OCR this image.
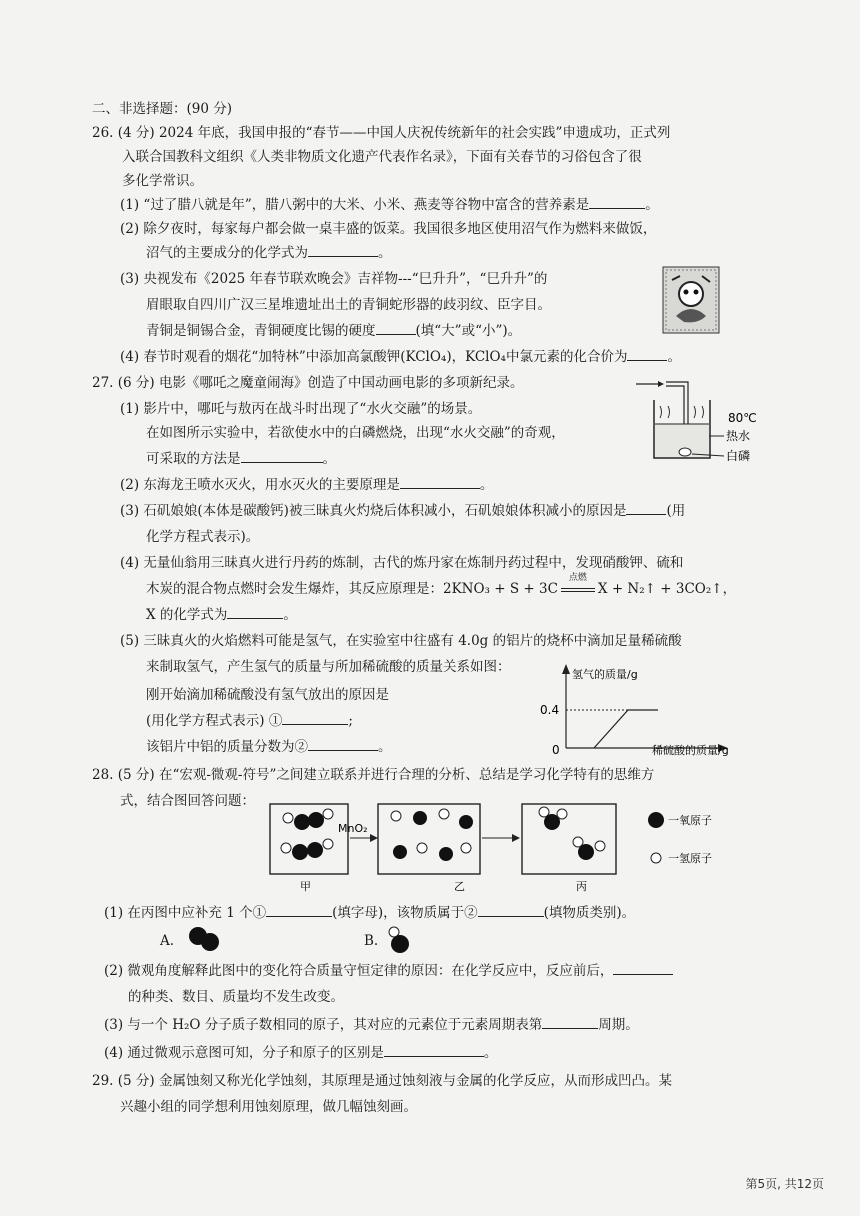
二、非选择题：(90 分)
26. (4 分) 2024 年底，我国申报的“春节——中国人庆祝传统新年的社会实践”申遗成功，正式列
入联合国教科文组织《人类非物质文化遗产代表作名录》，下面有关春节的习俗包含了很
多化学常识。
(1) “过了腊八就是年”，腊八粥中的大米、小米、燕麦等谷物中富含的营养素是	。
(2) 除夕夜时，每家每户都会做一桌丰盛的饭菜。我国很多地区使用沼气作为燃料来做饭，
沼气的主要成分的化学式为	。
(3) 央视发布《2025 年春节联欢晚会》吉祥物---“巳升升”，“巳升升”的
眉眼取自四川广汉三星堆遗址出土的青铜蛇形器的歧羽纹、臣字目。
青铜是铜锡合金，青铜硬度比锡的硬度	(填“大”或“小”)。
(4) 春节时观看的烟花“加特林”中添加高氯酸钾(KClO₄)，KClO₄中氯元素的化合价为	。
27. (6 分) 电影《哪吒之魔童闹海》创造了中国动画电影的多项新纪录。
(1) 影片中，哪吒与敖丙在战斗时出现了“水火交融”的场景。
在如图所示实验中，若欲使水中的白磷燃烧，出现“水火交融”的奇观，
可采取的方法是	。
80℃
热水
白磷
(2) 东海龙王喷水灭火，用水灭火的主要原理是	。
(3) 石矶娘娘(本体是碳酸钙)被三昧真火灼烧后体积减小，石矶娘娘体积减小的原因是	(用
化学方程式表示)。
(4) 无量仙翁用三昧真火进行丹药的炼制，古代的炼丹家在炼制丹药过程中，发现硝酸钾、硫和
木炭的混合物点燃时会发生爆炸，其反应原理是：2KNO₃ + S + 3C
点燃
X + N₂↑ + 3CO₂↑，
X 的化学式为	。
(5) 三昧真火的火焰燃料可能是氢气，在实验室中往盛有 4.0g 的铝片的烧杯中滴加足量稀硫酸
来制取氢气，产生氢气的质量与所加稀硫酸的质量关系如图：
刚开始滴加稀硫酸没有氢气放出的原因是
(用化学方程式表示) ①	;
该铝片中铝的质量分数为②	。
氢气的质量/g
0.4
0	稀硫酸的质量/g
28. (5 分) 在“宏观-微观-符号”之间建立联系并进行合理的分析、总结是学习化学特有的思维方
式，结合图回答问题：
甲
MnO₂
乙	丙
一氧原子
一氢原子
(1) 在丙图中应补充 1 个①	(填字母)，该物质属于②	(填物质类别)。
A.	B.
(2) 微观角度解释此图中的变化符合质量守恒定律的原因：在化学反应中，反应前后，
的种类、数目、质量均不发生改变。
(3) 与一个 H₂O 分子质子数相同的原子，其对应的元素位于元素周期表第	周期。
(4) 通过微观示意图可知，分子和原子的区别是	。
29. (5 分) 金属蚀刻又称光化学蚀刻，其原理是通过蚀刻液与金属的化学反应，从而形成凹凸。某
兴趣小组的同学想利用蚀刻原理，做几幅蚀刻画。
第5页, 共12页
